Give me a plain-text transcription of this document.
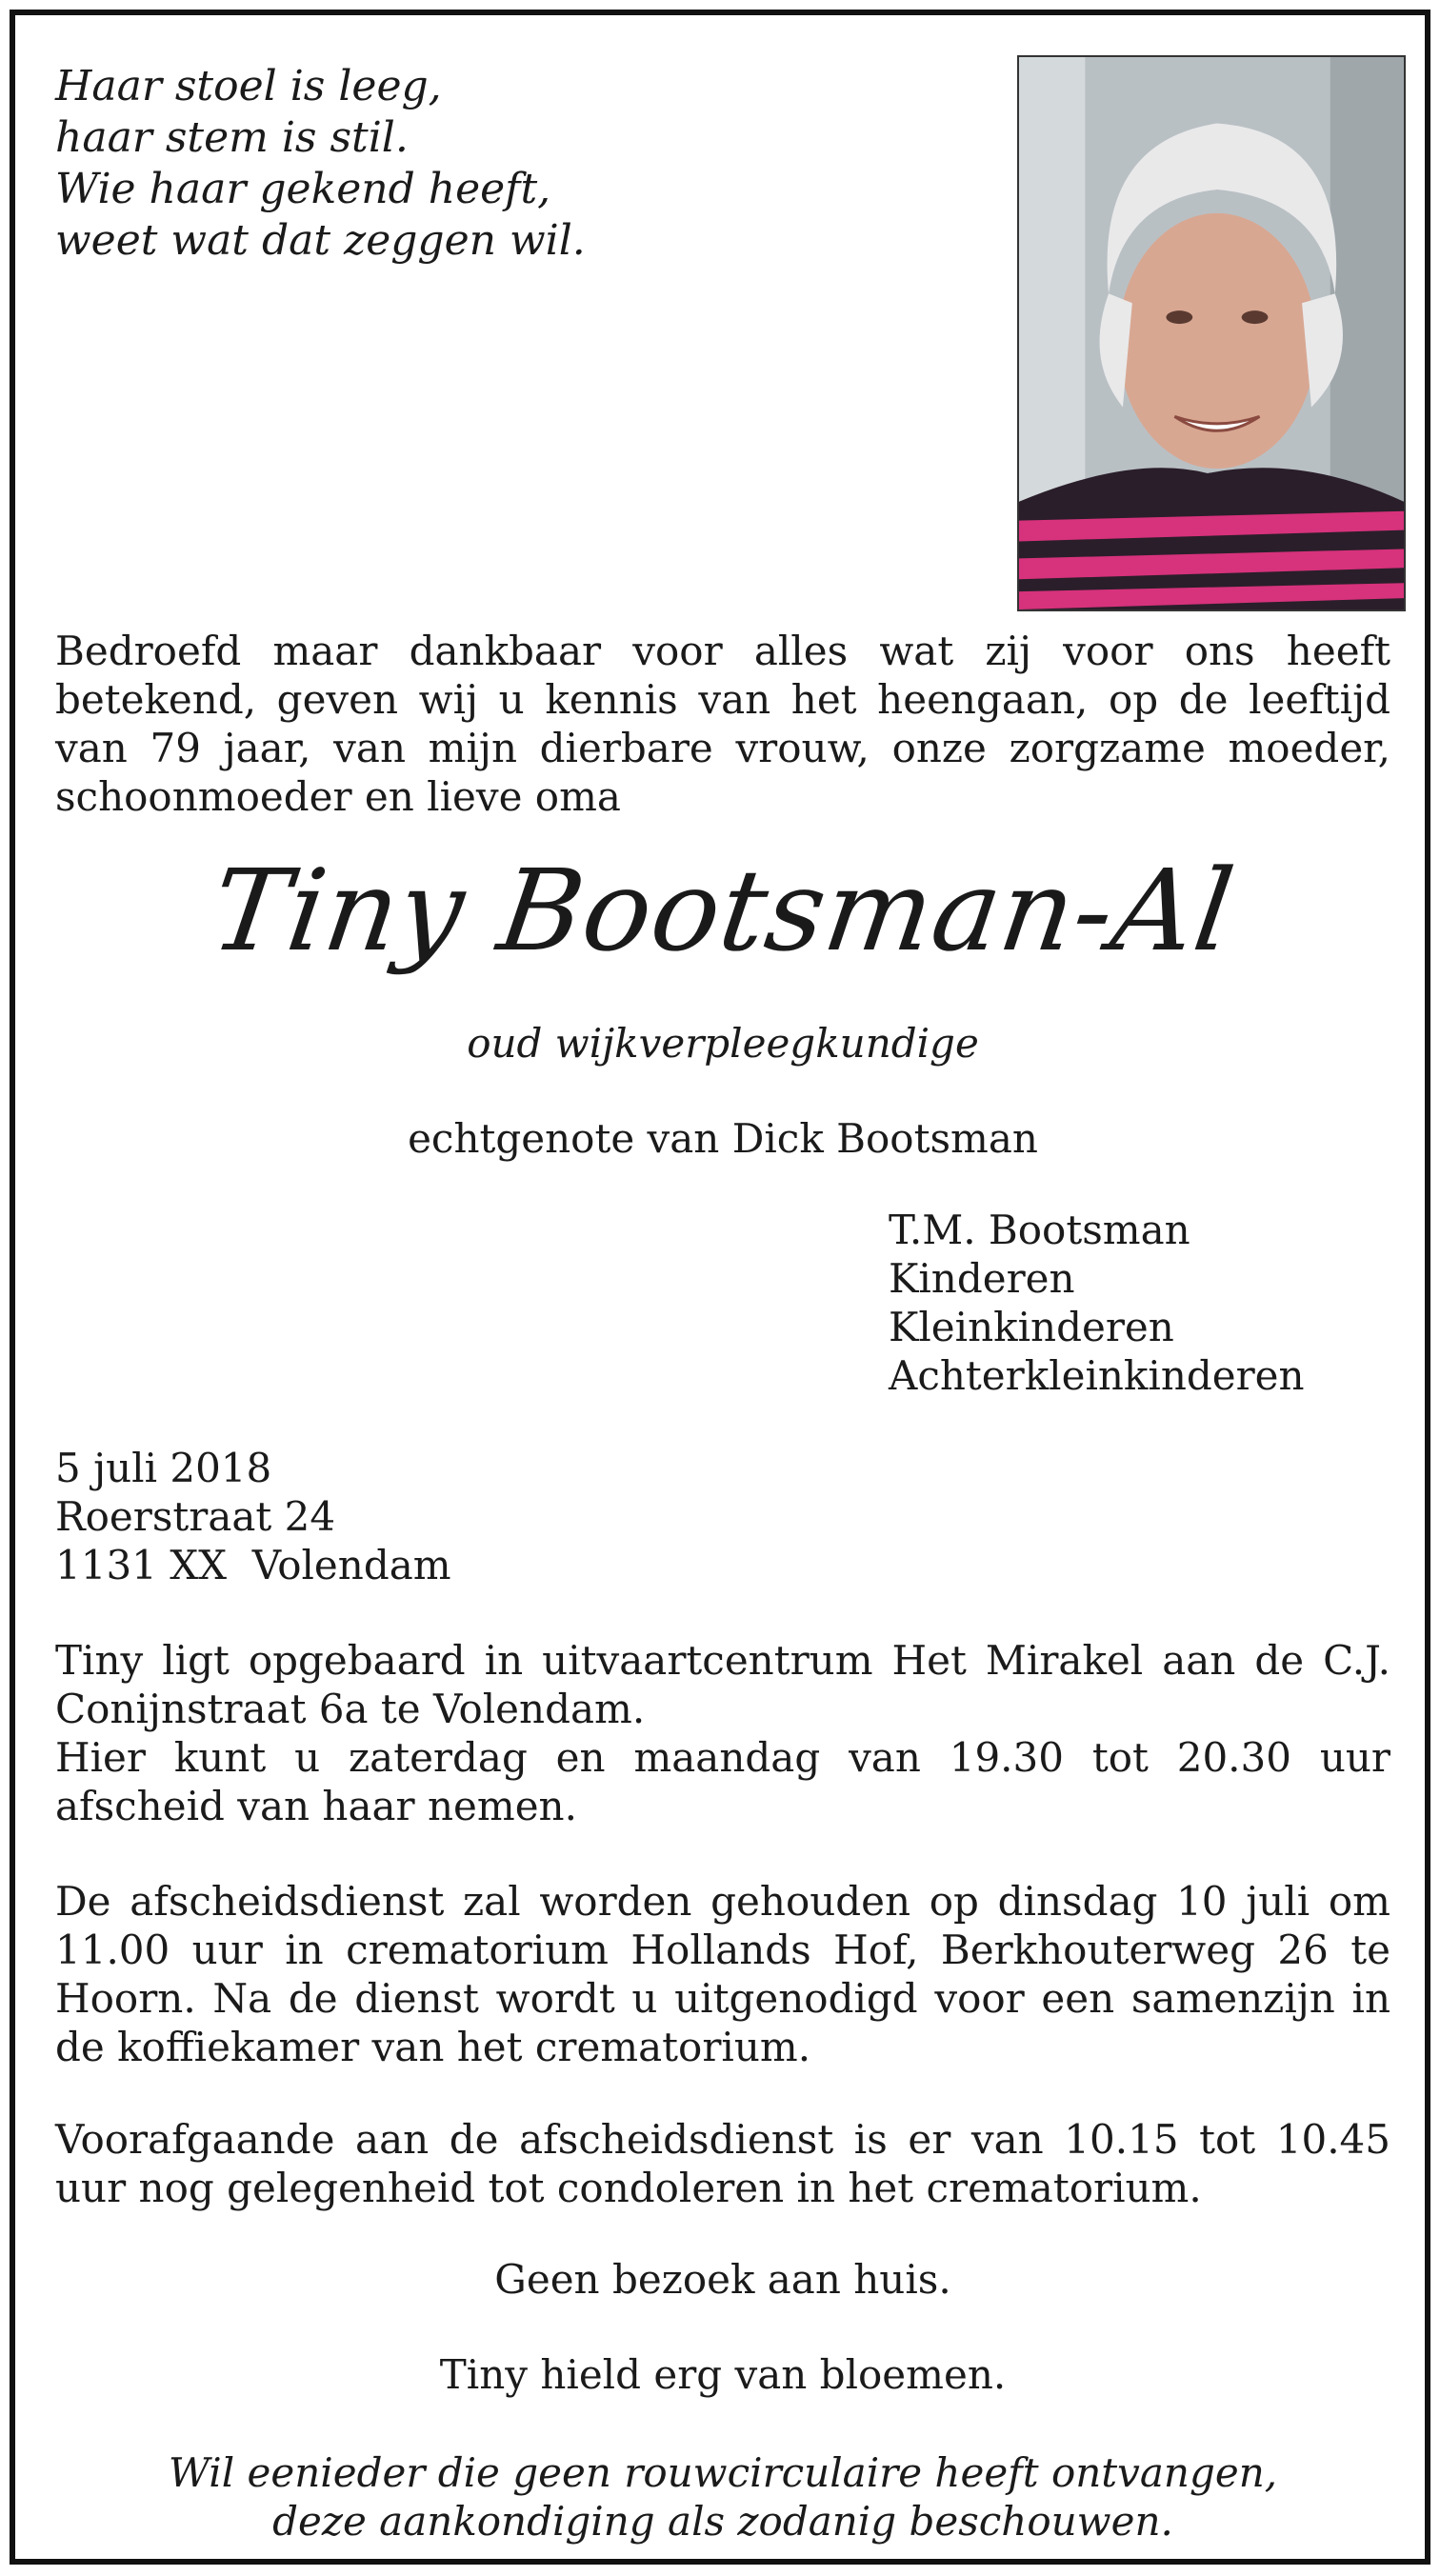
Haar stoel is leeg,
haar stem is stil.
Wie haar gekend heeft,
weet wat dat zeggen wil.
Bedroefd maar dankbaar voor alles wat zij voor ons heeft betekend, geven wij u kennis van het heengaan, op de leeftijd van 79 jaar, van mijn dierbare vrouw, onze zorgzame moeder, schoonmoeder en lieve oma
Tiny Bootsman-Al
oud wijkverpleegkundige
echtgenote van Dick Bootsman
T.M. Bootsman
Kinderen
Kleinkinderen
Achterkleinkinderen
5 juli 2018
Roerstraat 24
1131 XX  Volendam
Tiny ligt opgebaard in uitvaartcentrum Het Mirakel aan de C.J. Conijnstraat 6a te Volendam.
Hier kunt u zaterdag en maandag van 19.30 tot 20.30 uur afscheid van haar nemen.
De afscheidsdienst zal worden gehouden op dinsdag 10 juli om 11.00 uur in crematorium Hollands Hof, Berkhouterweg 26 te Hoorn. Na de dienst wordt u uitgenodigd voor een samenzijn in de koffiekamer van het crematorium.
Voorafgaande aan de afscheidsdienst is er van 10.15 tot 10.45 uur nog gelegenheid tot condoleren in het crematorium.
Geen bezoek aan huis.
Tiny hield erg van bloemen.
Wil eenieder die geen rouwcirculaire heeft ontvangen,
deze aankondiging als zodanig beschouwen.
